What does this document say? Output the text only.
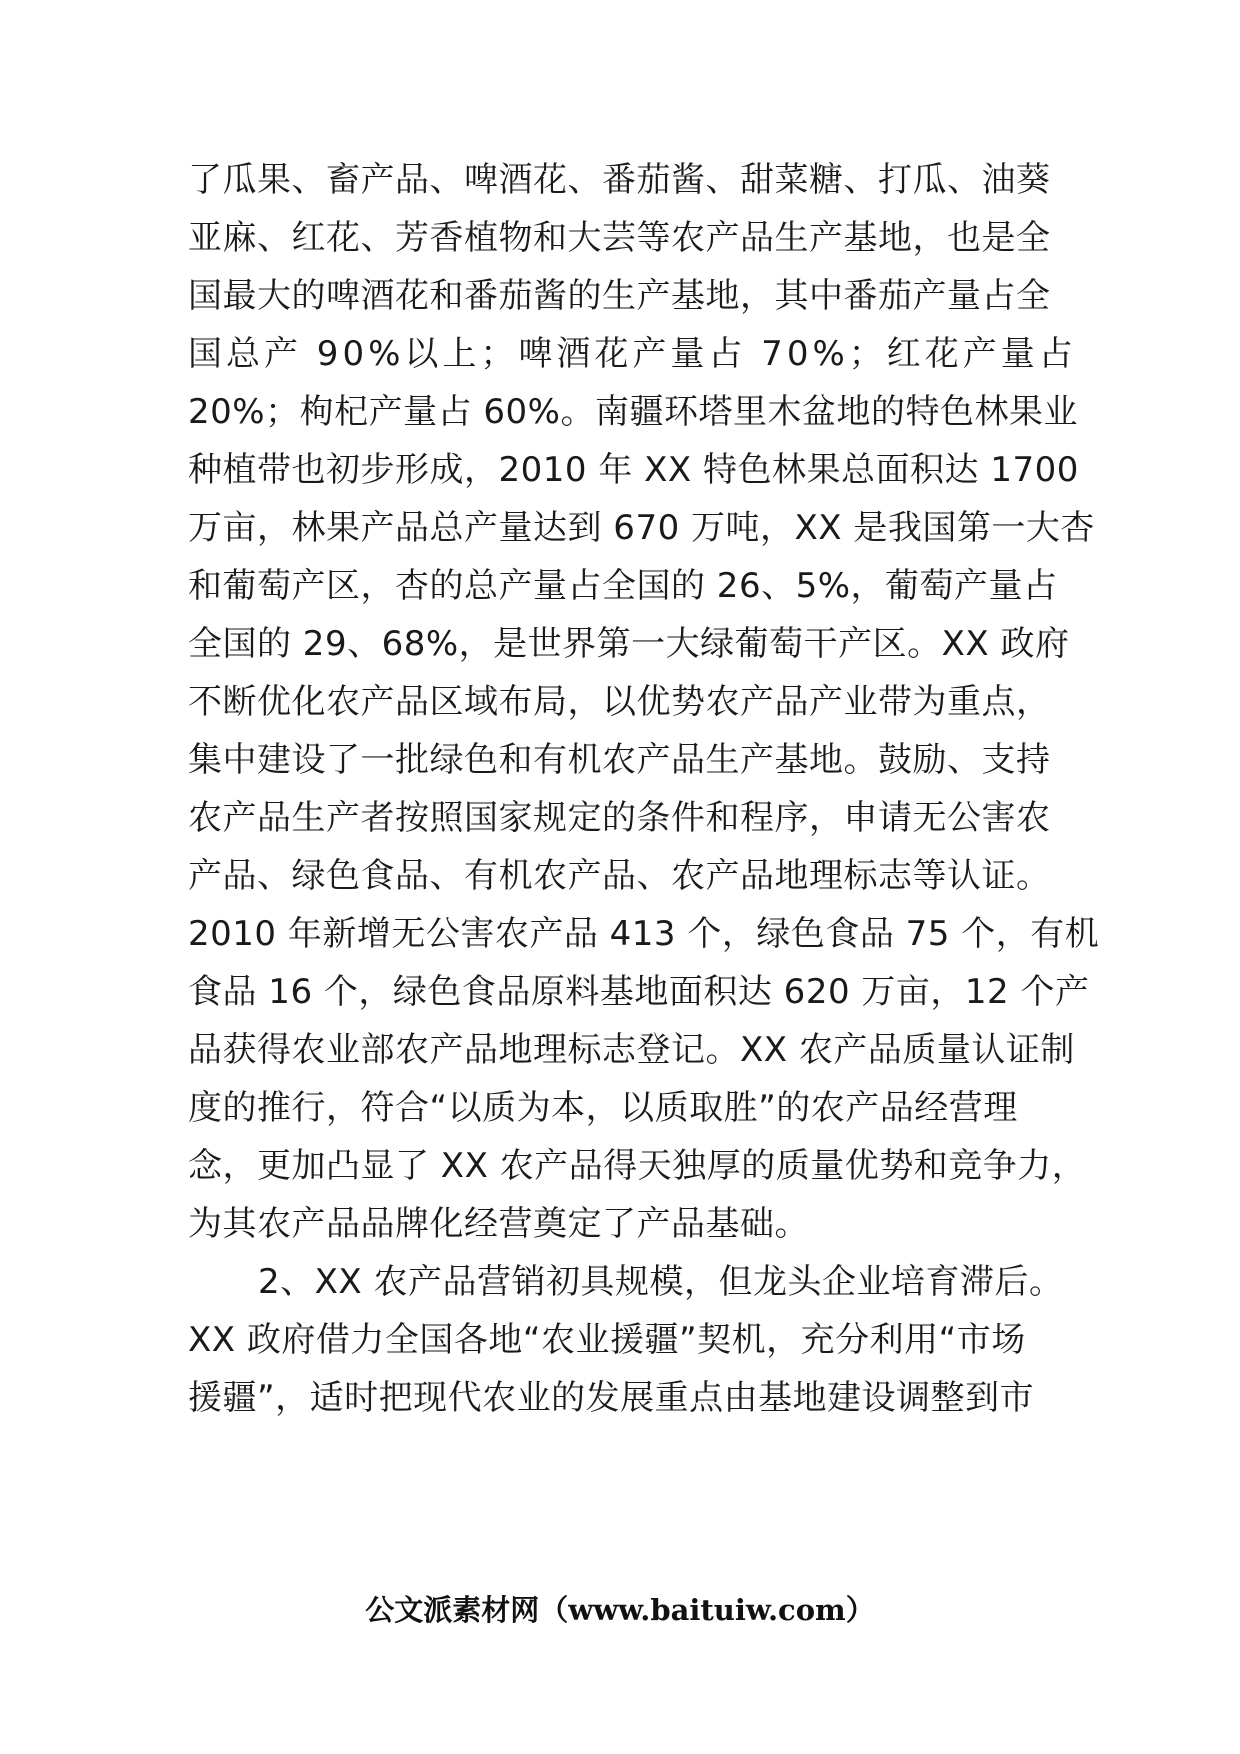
了瓜果、畜产品、啤酒花、番茄酱、甜菜糖、打瓜、油葵
亚麻、红花、芳香植物和大芸等农产品生产基地，也是全
国最大的啤酒花和番茄酱的生产基地，其中番茄产量占全
国总产 90%以上；啤酒花产量占 70%；红花产量占
20%；枸杞产量占 60%。南疆环塔里木盆地的特色林果业
种植带也初步形成，2010 年 XX 特色林果总面积达 1700
万亩，林果产品总产量达到 670 万吨，XX 是我国第一大杏
和葡萄产区，杏的总产量占全国的 26、5%，葡萄产量占
全国的 29、68%，是世界第一大绿葡萄干产区。XX 政府
不断优化农产品区域布局，以优势农产品产业带为重点，
集中建设了一批绿色和有机农产品生产基地。鼓励、支持
农产品生产者按照国家规定的条件和程序，申请无公害农
产品、绿色食品、有机农产品、农产品地理标志等认证。
2010 年新增无公害农产品 413 个，绿色食品 75 个，有机
食品 16 个，绿色食品原料基地面积达 620 万亩，12 个产
品获得农业部农产品地理标志登记。XX 农产品质量认证制
度的推行，符合“以质为本，以质取胜”的农产品经营理
念，更加凸显了 XX 农产品得天独厚的质量优势和竞争力，
为其农产品品牌化经营奠定了产品基础。
2、XX 农产品营销初具规模，但龙头企业培育滞后。
XX 政府借力全国各地“农业援疆”契机，充分利用“市场
援疆”，适时把现代农业的发展重点由基地建设调整到市
公文派素材网（www.baituiw.com）
